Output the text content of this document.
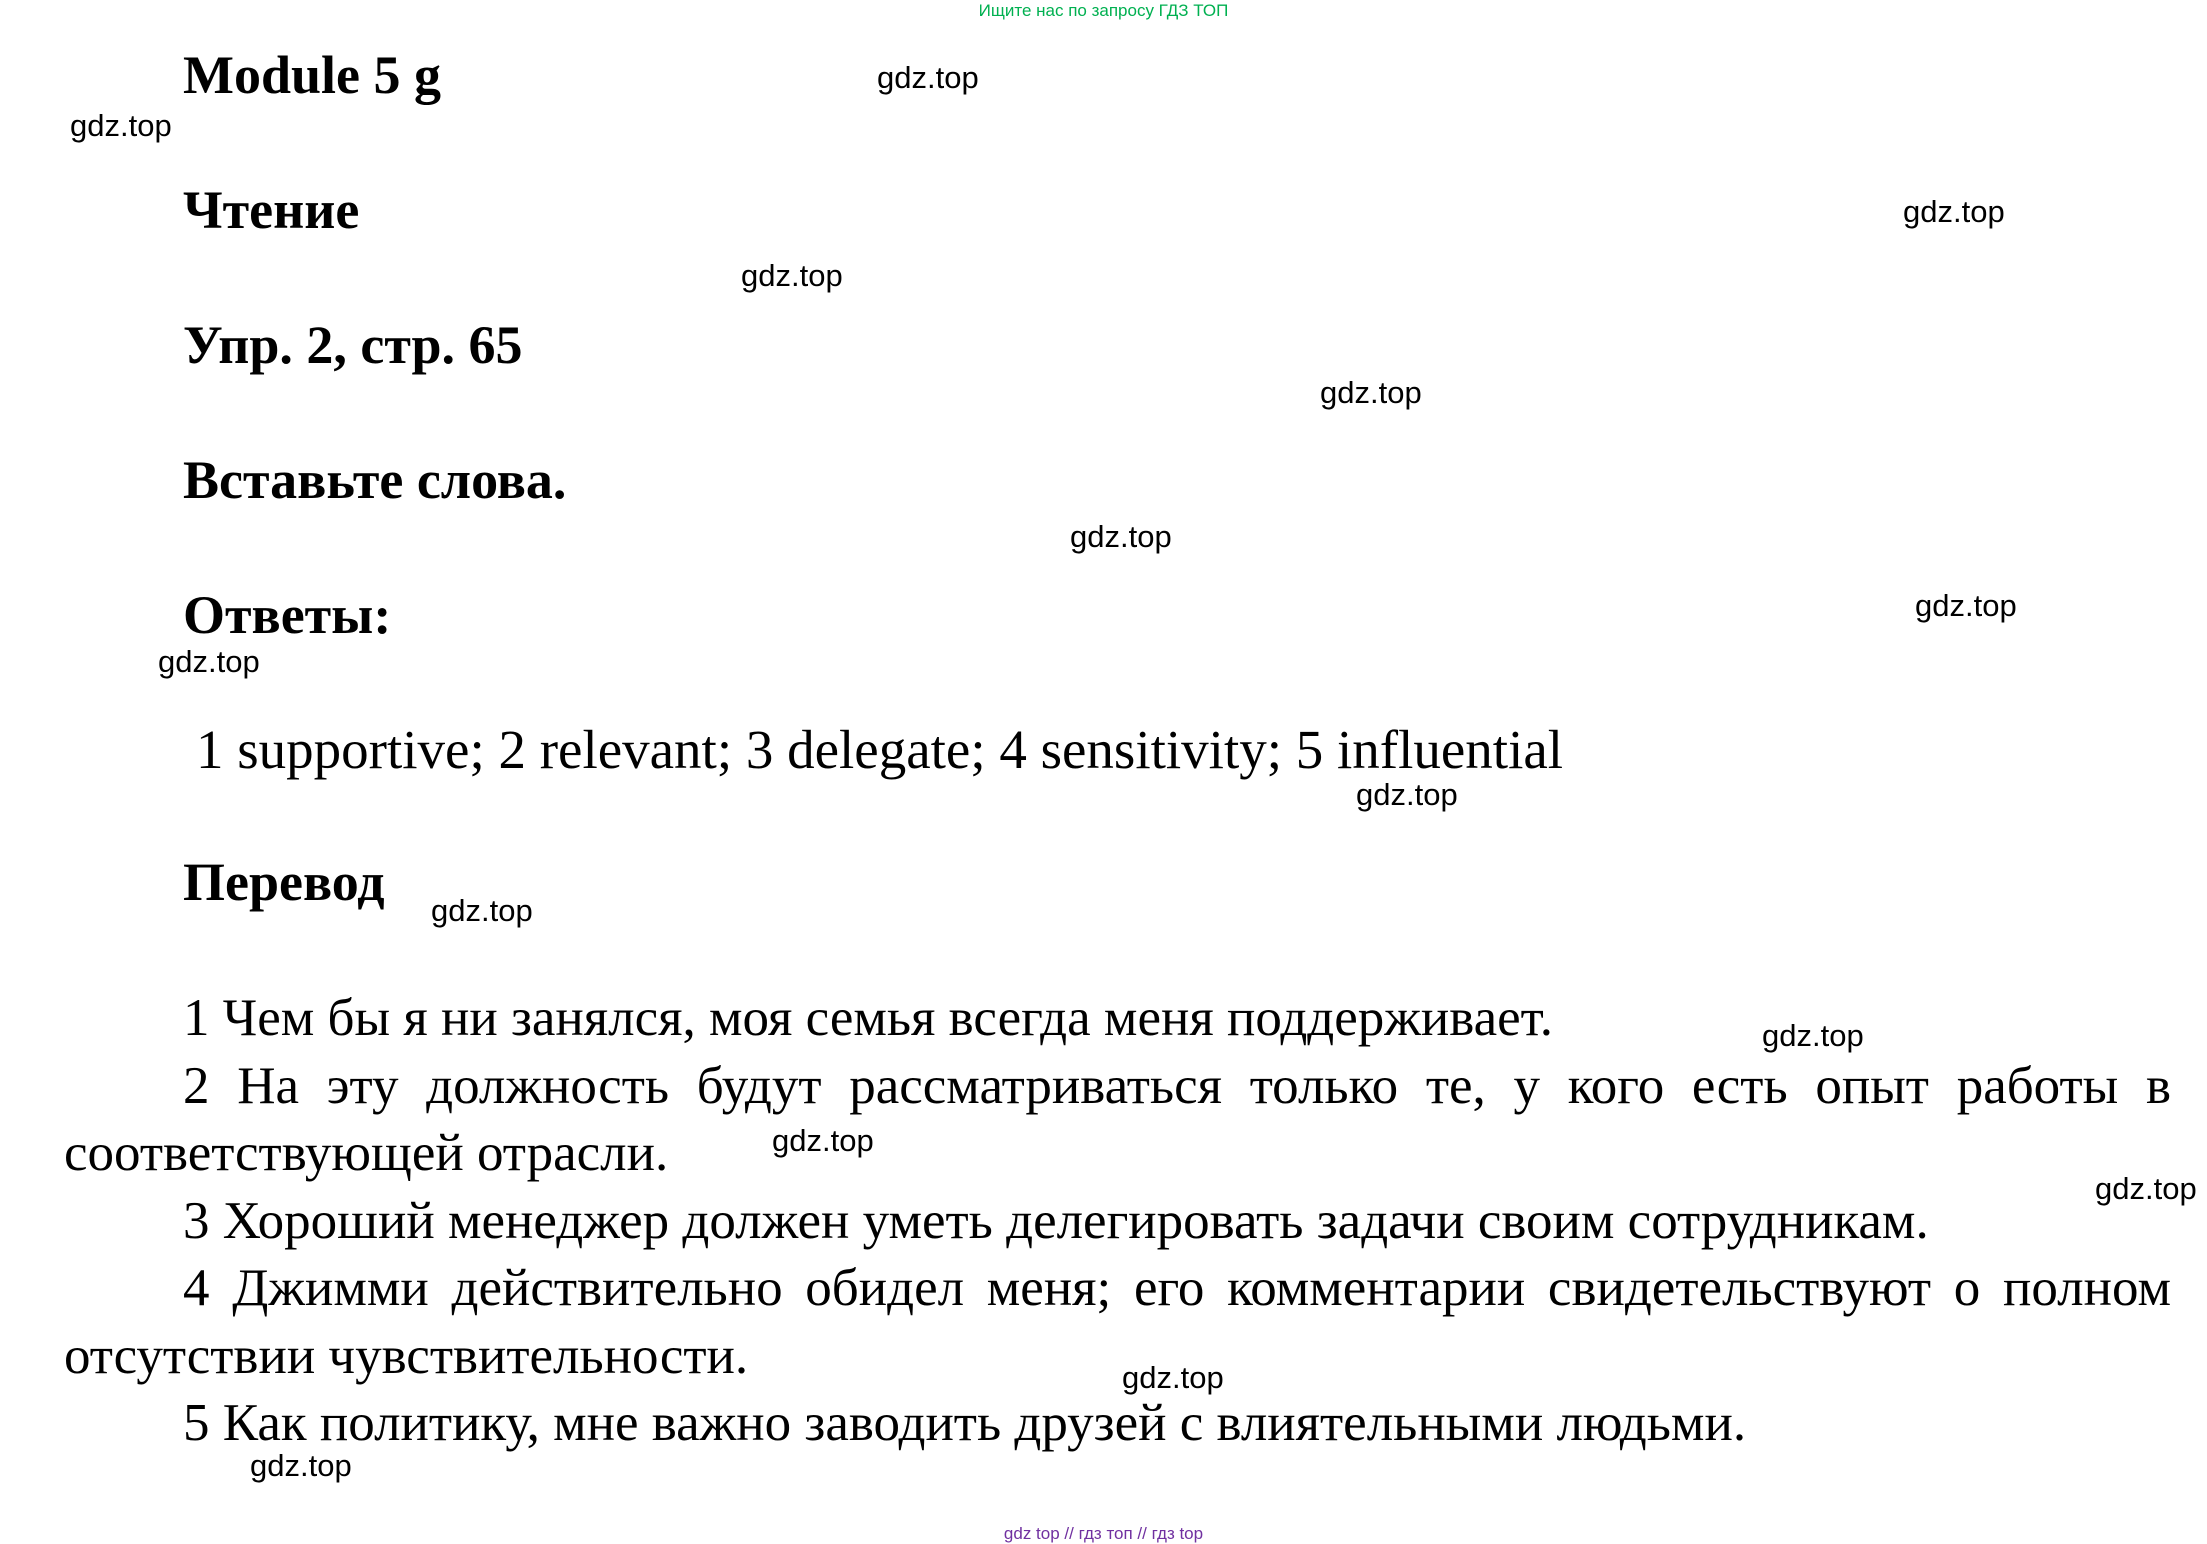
Ищите нас по запросу ГДЗ ТОП
Module 5 g
Чтение
Упр. 2, стр. 65
Вставьте слова.
Ответы:
1 supportive; 2 relevant; 3 delegate; 4 sensitivity; 5 influential
Перевод

1 Чем бы я ни занялся, моя семья всегда меня поддерживает.

2 На эту должность будут рассматриваться только те, у кого есть опыт работы в соответствующей отрасли.

3 Хороший менеджер должен уметь делегировать задачи своим сотрудникам.

4 Джимми действительно обидел меня; его комментарии свидетельствуют о полном отсутствии чувствительности.

5 Как политику, мне важно заводить друзей с влиятельными людьми.

gdz.top
gdz.top
gdz.top
gdz.top
gdz.top
gdz.top
gdz.top
gdz.top
gdz.top
gdz.top
gdz.top
gdz.top
gdz.top
gdz.top
gdz.top
gdz top // гдз топ // гдз top
